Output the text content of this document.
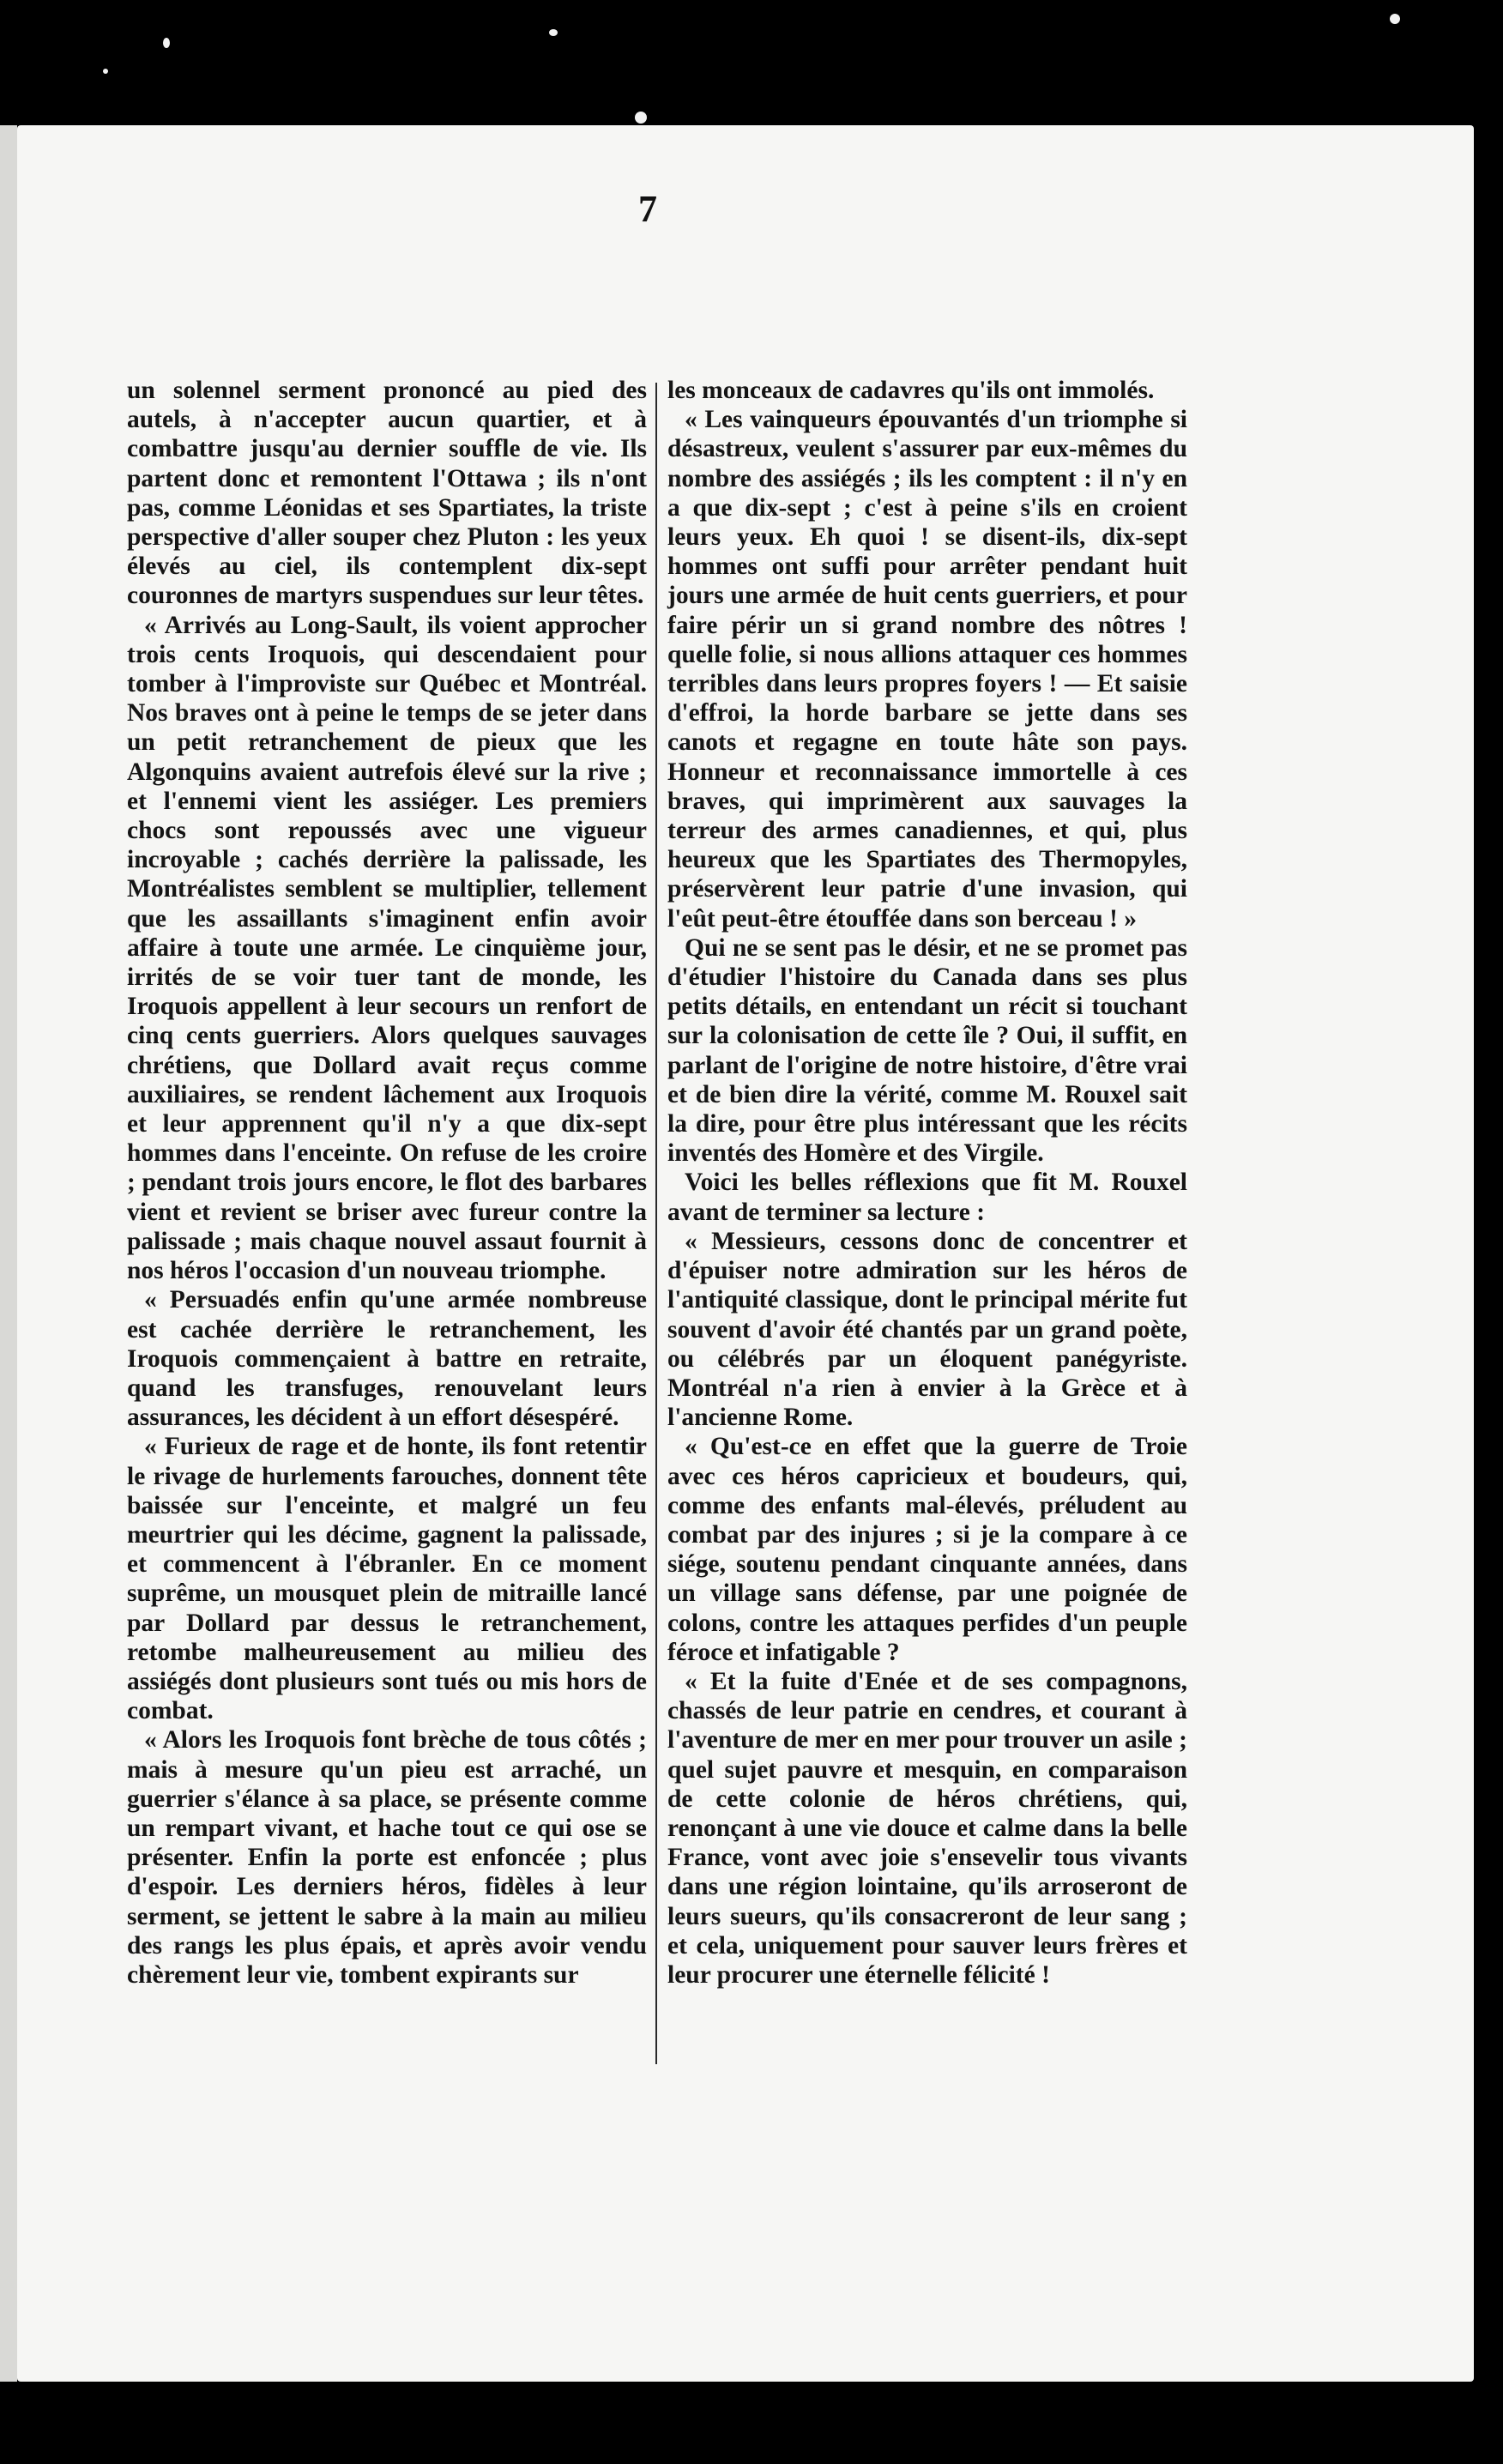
7

un solennel serment prononcé au pied des autels, à n'accepter aucun quartier, et à combattre jusqu'au dernier souffle de vie. Ils partent donc et remontent l'Ottawa ; ils n'ont pas, comme Léonidas et ses Spartiates, la triste perspective d'aller souper chez Pluton : les yeux élevés au ciel, ils contemplent dix-sept couronnes de martyrs suspendues sur leur têtes.

« Arrivés au Long-Sault, ils voient approcher trois cents Iroquois, qui descendaient pour tomber à l'improviste sur Québec et Montréal. Nos braves ont à peine le temps de se jeter dans un petit retranchement de pieux que les Algonquins avaient autrefois élevé sur la rive ; et l'ennemi vient les assiéger. Les premiers chocs sont repoussés avec une vigueur incroyable ; cachés derrière la palissade, les Montréalistes semblent se multiplier, tellement que les assaillants s'imaginent enfin avoir affaire à toute une armée. Le cinquième jour, irrités de se voir tuer tant de monde, les Iroquois appellent à leur secours un renfort de cinq cents guerriers. Alors quelques sauvages chrétiens, que Dollard avait reçus comme auxiliaires, se rendent lâchement aux Iroquois et leur apprennent qu'il n'y a que dix-sept hommes dans l'enceinte. On refuse de les croire ; pendant trois jours encore, le flot des barbares vient et revient se briser avec fureur contre la palissade ; mais chaque nouvel assaut fournit à nos héros l'occasion d'un nouveau triomphe.

« Persuadés enfin qu'une armée nombreuse est cachée derrière le retranchement, les Iroquois commençaient à battre en retraite, quand les transfuges, renouvelant leurs assurances, les décident à un effort désespéré.

« Furieux de rage et de honte, ils font retentir le rivage de hurlements farouches, donnent tête baissée sur l'enceinte, et malgré un feu meurtrier qui les décime, gagnent la palissade, et commencent à l'ébranler. En ce moment suprême, un mousquet plein de mitraille lancé par Dollard par dessus le retranchement, retombe malheureusement au milieu des assiégés dont plusieurs sont tués ou mis hors de combat.

« Alors les Iroquois font brèche de tous côtés ; mais à mesure qu'un pieu est arraché, un guerrier s'élance à sa place, se présente comme un rempart vivant, et hache tout ce qui ose se présenter. Enfin la porte est enfoncée ; plus d'espoir. Les derniers héros, fidèles à leur serment, se jettent le sabre à la main au milieu des rangs les plus épais, et après avoir vendu chèrement leur vie, tombent expirants sur

les monceaux de cadavres qu'ils ont immolés.

« Les vainqueurs épouvantés d'un triomphe si désastreux, veulent s'assurer par eux-mêmes du nombre des assiégés ; ils les comptent : il n'y en a que dix-sept ; c'est à peine s'ils en croient leurs yeux. Eh quoi ! se disent-ils, dix-sept hommes ont suffi pour arrêter pendant huit jours une armée de huit cents guerriers, et pour faire périr un si grand nombre des nôtres ! quelle folie, si nous allions attaquer ces hommes terribles dans leurs propres foyers ! — Et saisie d'effroi, la horde barbare se jette dans ses canots et regagne en toute hâte son pays. Honneur et reconnaissance immortelle à ces braves, qui imprimèrent aux sauvages la terreur des armes canadiennes, et qui, plus heureux que les Spartiates des Thermopyles, préservèrent leur patrie d'une invasion, qui l'eût peut-être étouffée dans son berceau ! »

Qui ne se sent pas le désir, et ne se promet pas d'étudier l'histoire du Canada dans ses plus petits détails, en entendant un récit si touchant sur la colonisation de cette île ? Oui, il suffit, en parlant de l'origine de notre histoire, d'être vrai et de bien dire la vérité, comme M. Rouxel sait la dire, pour être plus intéressant que les récits inventés des Homère et des Virgile.

Voici les belles réflexions que fit M. Rouxel avant de terminer sa lecture :

« Messieurs, cessons donc de concentrer et d'épuiser notre admiration sur les héros de l'antiquité classique, dont le principal mérite fut souvent d'avoir été chantés par un grand poète, ou célébrés par un éloquent panégyriste. Montréal n'a rien à envier à la Grèce et à l'ancienne Rome.

« Qu'est-ce en effet que la guerre de Troie avec ces héros capricieux et boudeurs, qui, comme des enfants mal-élevés, préludent au combat par des injures ; si je la compare à ce siége, soutenu pendant cinquante années, dans un village sans défense, par une poignée de colons, contre les attaques perfides d'un peuple féroce et infatigable ?

« Et la fuite d'Enée et de ses compagnons, chassés de leur patrie en cendres, et courant à l'aventure de mer en mer pour trouver un asile ; quel sujet pauvre et mesquin, en comparaison de cette colonie de héros chrétiens, qui, renonçant à une vie douce et calme dans la belle France, vont avec joie s'ensevelir tous vivants dans une région lointaine, qu'ils arroseront de leurs sueurs, qu'ils consacreront de leur sang ; et cela, uniquement pour sauver leurs frères et leur procurer une éternelle félicité !
